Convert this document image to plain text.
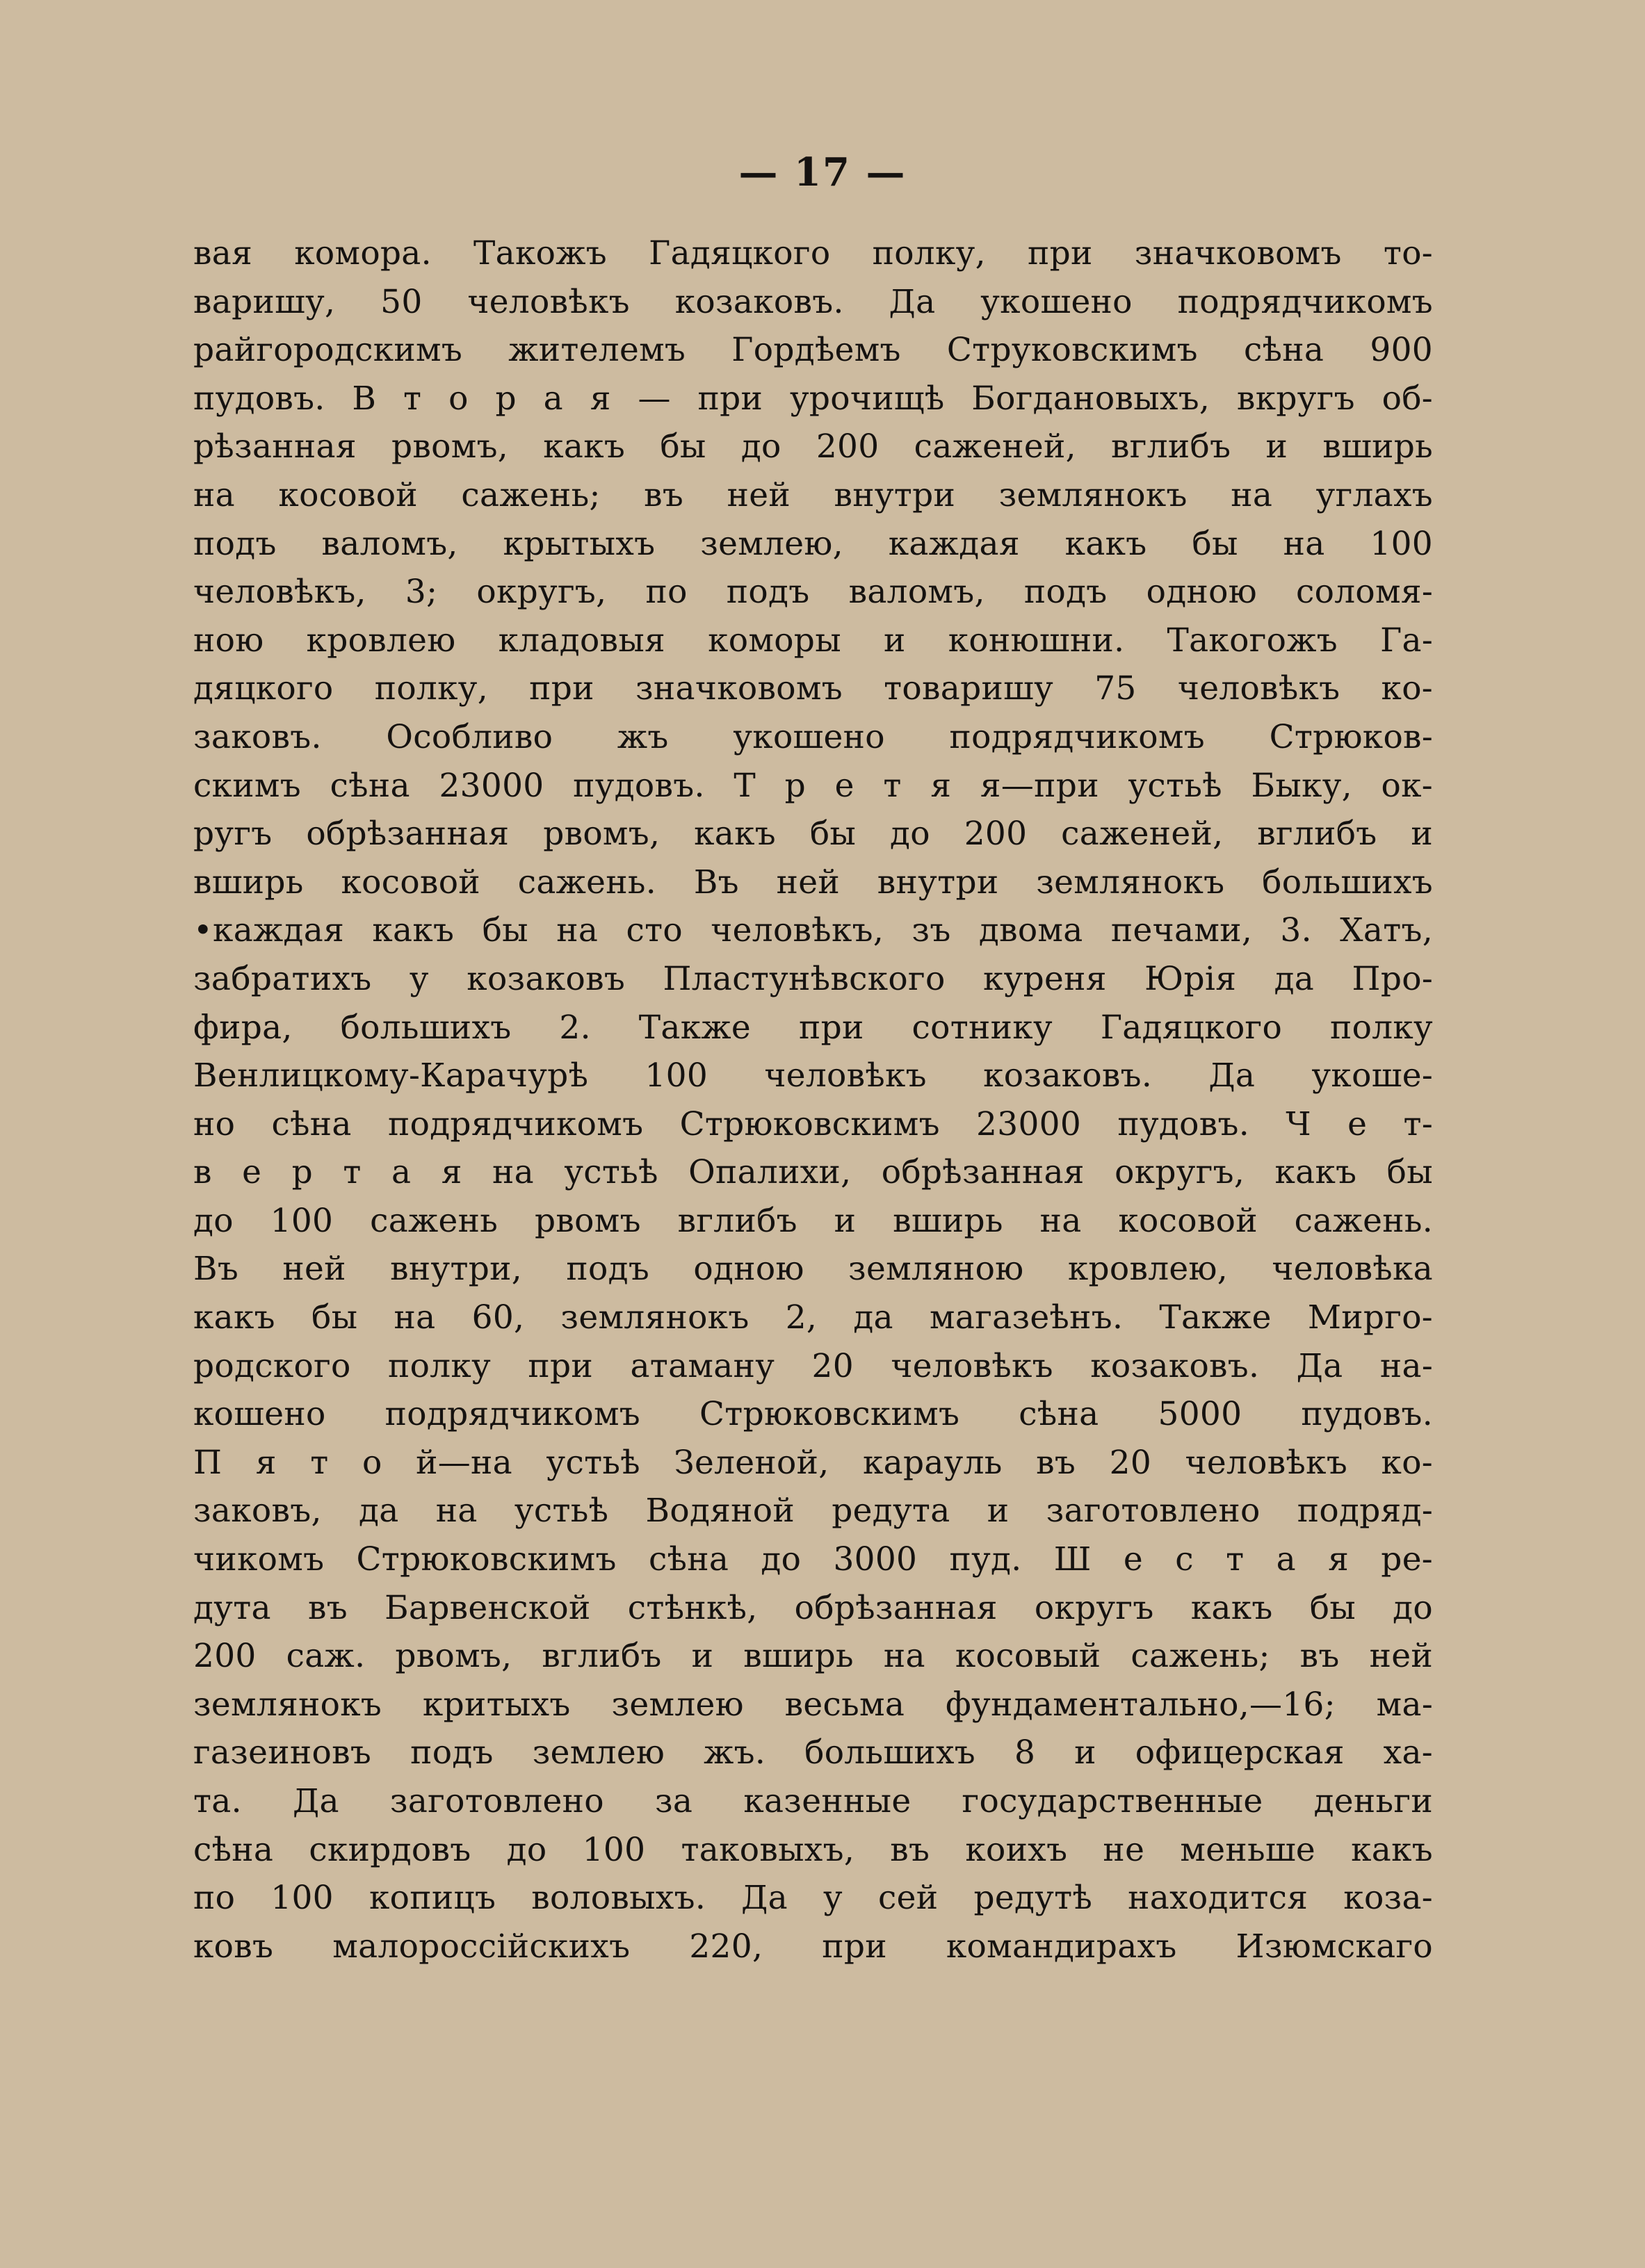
— 17 —
вая комора. Такожъ Гадяцкого полку, при значковомъ то-
варишу, 50 человѣкъ козаковъ. Да укошено подрядчикомъ
райгородскимъ жителемъ Гордѣемъ Струковскимъ сѣна 900
пудовъ. В т о р а я — при урочищѣ Богдановыхъ, вкругъ об-
рѣзанная рвомъ, какъ бы до 200 саженей, вглибъ и вширь
на косовой сажень; въ ней внутри землянокъ на углахъ
подъ валомъ, крытыхъ землею, каждая какъ бы на 100
человѣкъ, 3; округъ, по подъ валомъ, подъ одною соломя-
ною кровлею кладовыя коморы и конюшни. Такогожъ Га-
дяцкого полку, при значковомъ товаришу 75 человѣкъ ко-
заковъ. Особливо жъ укошено подрядчикомъ Стрюков-
скимъ сѣна 23000 пудовъ. Т р е т я я—при устьѣ Быку, ок-
ругъ обрѣзанная рвомъ, какъ бы до 200 саженей, вглибъ и
вширь косовой сажень. Въ ней внутри землянокъ большихъ
•каждая какъ бы на сто человѣкъ, зъ двома печами, 3. Хатъ,
забратихъ у козаковъ Пластунѣвского куреня Юрія да Про-
фира, большихъ 2. Также при сотнику Гадяцкого полку
Венлицкому-Карачурѣ 100 человѣкъ козаковъ. Да укоше-
но сѣна подрядчикомъ Стрюковскимъ 23000 пудовъ. Ч е т-
в е р т а я на устьѣ Опалихи, обрѣзанная округъ, какъ бы
до 100 сажень рвомъ вглибъ и вширь на косовой сажень.
Въ ней внутри, подъ одною земляною кровлею, человѣка
какъ бы на 60, землянокъ 2, да магазеѣнъ. Также Мирго-
родского полку при атаману 20 человѣкъ козаковъ. Да на-
кошено подрядчикомъ Стрюковскимъ сѣна 5000 пудовъ.
П я т о й—на устьѣ Зеленой, карауль въ 20 человѣкъ ко-
заковъ, да на устьѣ Водяной редута и заготовлено подряд-
чикомъ Стрюковскимъ сѣна до 3000 пуд. Ш е с т а я ре-
дута въ Барвенской стѣнкѣ, обрѣзанная округъ какъ бы до
200 саж. рвомъ, вглибъ и вширь на косовый сажень; въ ней
землянокъ критыхъ землею весьма фундаментально,—16; ма-
газеиновъ подъ землею жъ. большихъ 8 и офицерская ха-
та. Да заготовлено за казенные государственные деньги
сѣна скирдовъ до 100 таковыхъ, въ коихъ не меньше какъ
по 100 копицъ воловыхъ. Да у сей редутѣ находится коза-
ковъ малороссійскихъ 220, при командирахъ Изюмскаго
